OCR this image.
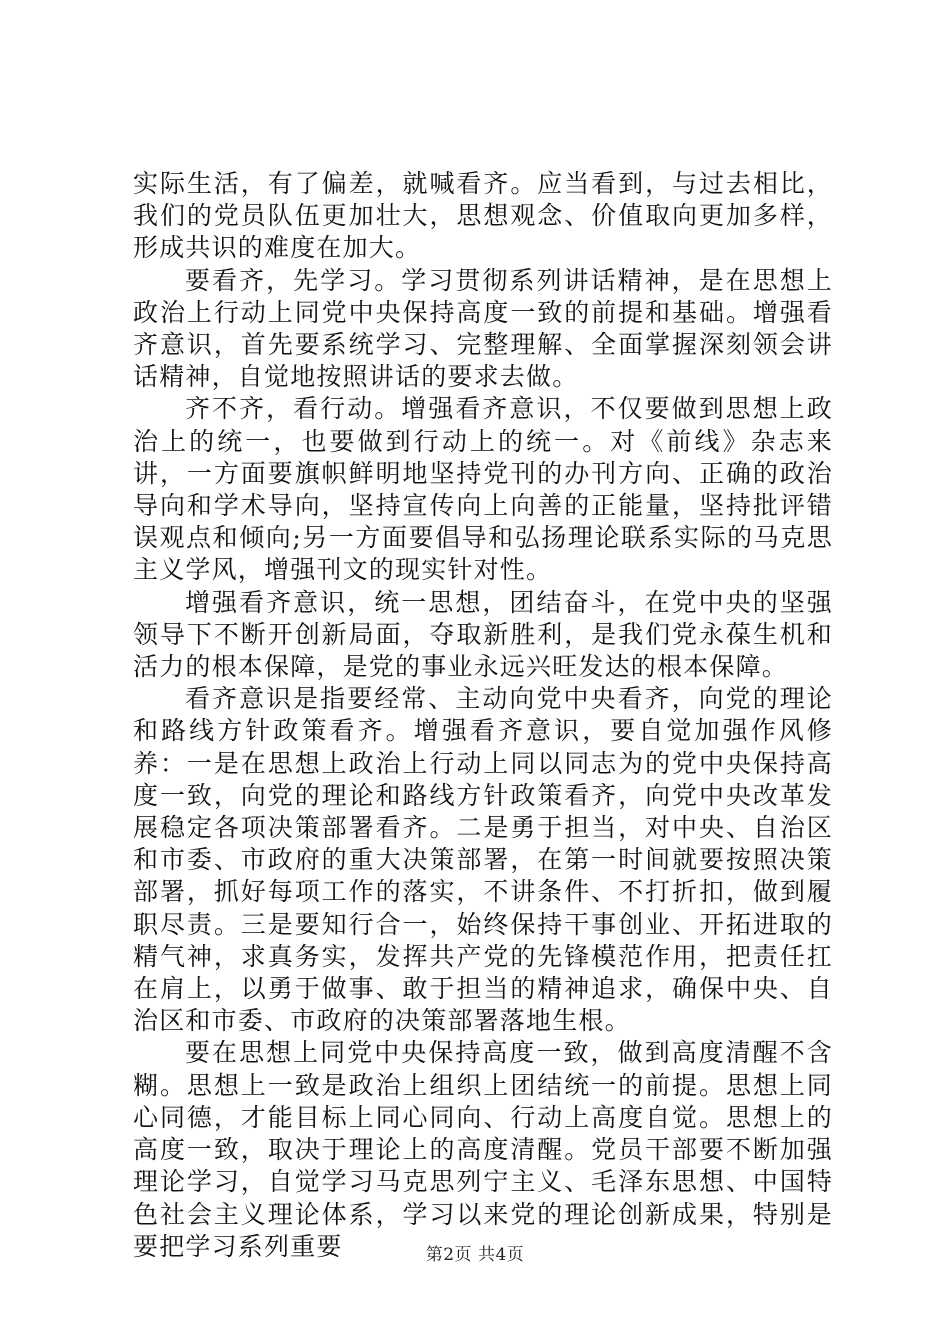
实际生活，有了偏差，就喊看齐。应当看到，与过去相比，我们的党员队伍更加壮大，思想观念、价值取向更加多样，形成共识的难度在加大。

要看齐，先学习。学习贯彻系列讲话精神，是在思想上政治上行动上同党中央保持高度一致的前提和基础。增强看齐意识，首先要系统学习、完整理解、全面掌握深刻领会讲话精神，自觉地按照讲话的要求去做。

齐不齐，看行动。增强看齐意识，不仅要做到思想上政治上的统一，也要做到行动上的统一。对《前线》杂志来讲，一方面要旗帜鲜明地坚持党刊的办刊方向、正确的政治导向和学术导向，坚持宣传向上向善的正能量，坚持批评错误观点和倾向;另一方面要倡导和弘扬理论联系实际的马克思主义学风，增强刊文的现实针对性。

增强看齐意识，统一思想，团结奋斗，在党中央的坚强领导下不断开创新局面，夺取新胜利，是我们党永葆生机和活力的根本保障，是党的事业永远兴旺发达的根本保障。

看齐意识是指要经常、主动向党中央看齐，向党的理论和路线方针政策看齐。增强看齐意识，要自觉加强作风修养：一是在思想上政治上行动上同以同志为的党中央保持高度一致，向党的理论和路线方针政策看齐，向党中央改革发展稳定各项决策部署看齐。二是勇于担当，对中央、自治区和市委、市政府的重大决策部署，在第一时间就要按照决策部署，抓好每项工作的落实，不讲条件、不打折扣，做到履职尽责。三是要知行合一，始终保持干事创业、开拓进取的精气神，求真务实，发挥共产党的先锋模范作用，把责任扛在肩上，以勇于做事、敢于担当的精神追求，确保中央、自治区和市委、市政府的决策部署落地生根。

要在思想上同党中央保持高度一致，做到高度清醒不含糊。思想上一致是政治上组织上团结统一的前提。思想上同心同德，才能目标上同心同向、行动上高度自觉。思想上的高度一致，取决于理论上的高度清醒。党员干部要不断加强理论学习，自觉学习马克思列宁主义、毛泽东思想、中国特色社会主义理论体系，学习以来党的理论创新成果，特别是要把学习系列重要	第2页 共4页
